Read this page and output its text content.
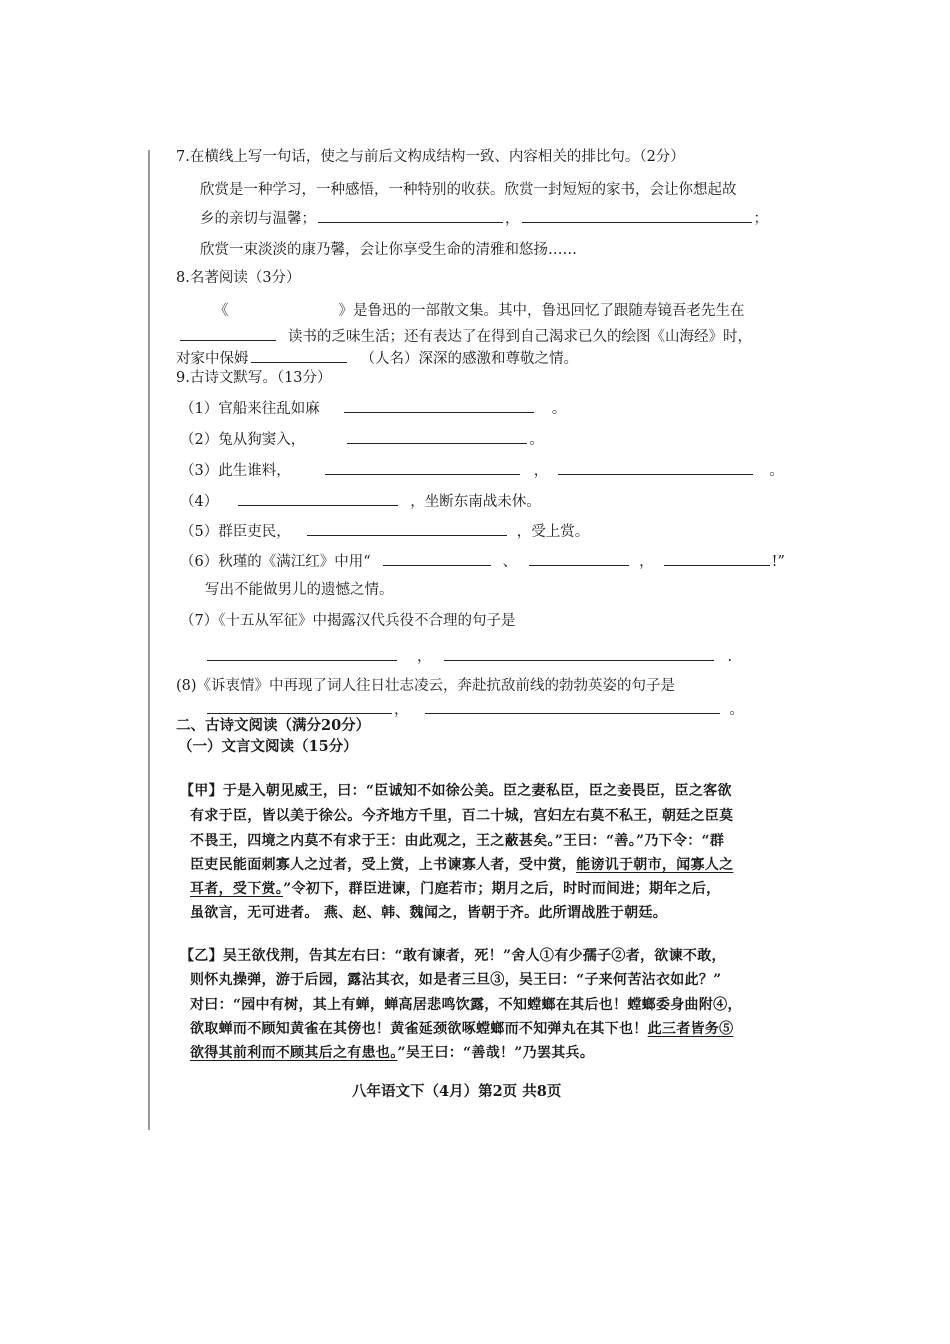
7.在横线上写一句话，使之与前后文构成结构一致、内容相关的排比句。（2分）
欣赏是一种学习，一种感悟，一种特别的收获。欣赏一封短短的家书，会让你想起故
乡的亲切与温馨；	，	；
欣赏一束淡淡的康乃馨，会让你享受生命的清雅和悠扬……
8.名著阅读（3分）
《	》是鲁迅的一部散文集。其中，鲁迅回忆了跟随寿镜吾老先生在
读书的乏味生活；还有表达了在得到自己渴求已久的绘图《山海经》时，
对家中保姆	（人名）深深的感激和尊敬之情。
9.古诗文默写。（13分）
（1）官船来往乱如麻	。
（2）兔从狗窦入，	。
（3）此生谁料，	，	。
（4）	，坐断东南战未休。
（5）群臣吏民，	，受上赏。
（6）秋瑾的《满江红》中用“	、	，	!”
写出不能做男儿的遗憾之情。
（7）《十五从军征》中揭露汉代兵役不合理的句子是
，	.
(8)《诉衷情》中再现了词人往日壮志凌云，奔赴抗敌前线的勃勃英姿的句子是
，	。
二、古诗文阅读（满分20分）
（一）文言文阅读（15分）
【甲】于是入朝见威王，曰：“臣诚知不如徐公美。臣之妻私臣，臣之妾畏臣，臣之客欲
有求于臣，皆以美于徐公。今齐地方千里，百二十城，宫妇左右莫不私王，朝廷之臣莫
不畏王，四境之内莫不有求于王：由此观之，王之蔽甚矣。”王曰：“善。”乃下令：“群
臣吏民能面刺寡人之过者，受上赏，上书谏寡人者，受中赏，能谤讥于朝市，闻寡人之
耳者，受下赏。”令初下，群臣进谏，门庭若市；期月之后，时时而间进；期年之后，
虽欲言，无可进者。 燕、赵、韩、魏闻之，皆朝于齐。此所谓战胜于朝廷。
【乙】吴王欲伐荆，告其左右曰：“敢有谏者，死！”舍人①有少孺子②者，欲谏不敢，
则怀丸操弹，游于后园，露沾其衣，如是者三旦③，吴王曰：“子来何苦沾衣如此？”
对曰：“园中有树，其上有蝉，蝉高居悲鸣饮露，不知螳螂在其后也！螳螂委身曲附④，
欲取蝉而不顾知黄雀在其傍也！黄雀延颈欲啄螳螂而不知弹丸在其下也！此三者皆务⑤
欲得其前利而不顾其后之有患也。”吴王曰：“善哉！”乃罢其兵。
八年语文下（4月）第2页 共8页
